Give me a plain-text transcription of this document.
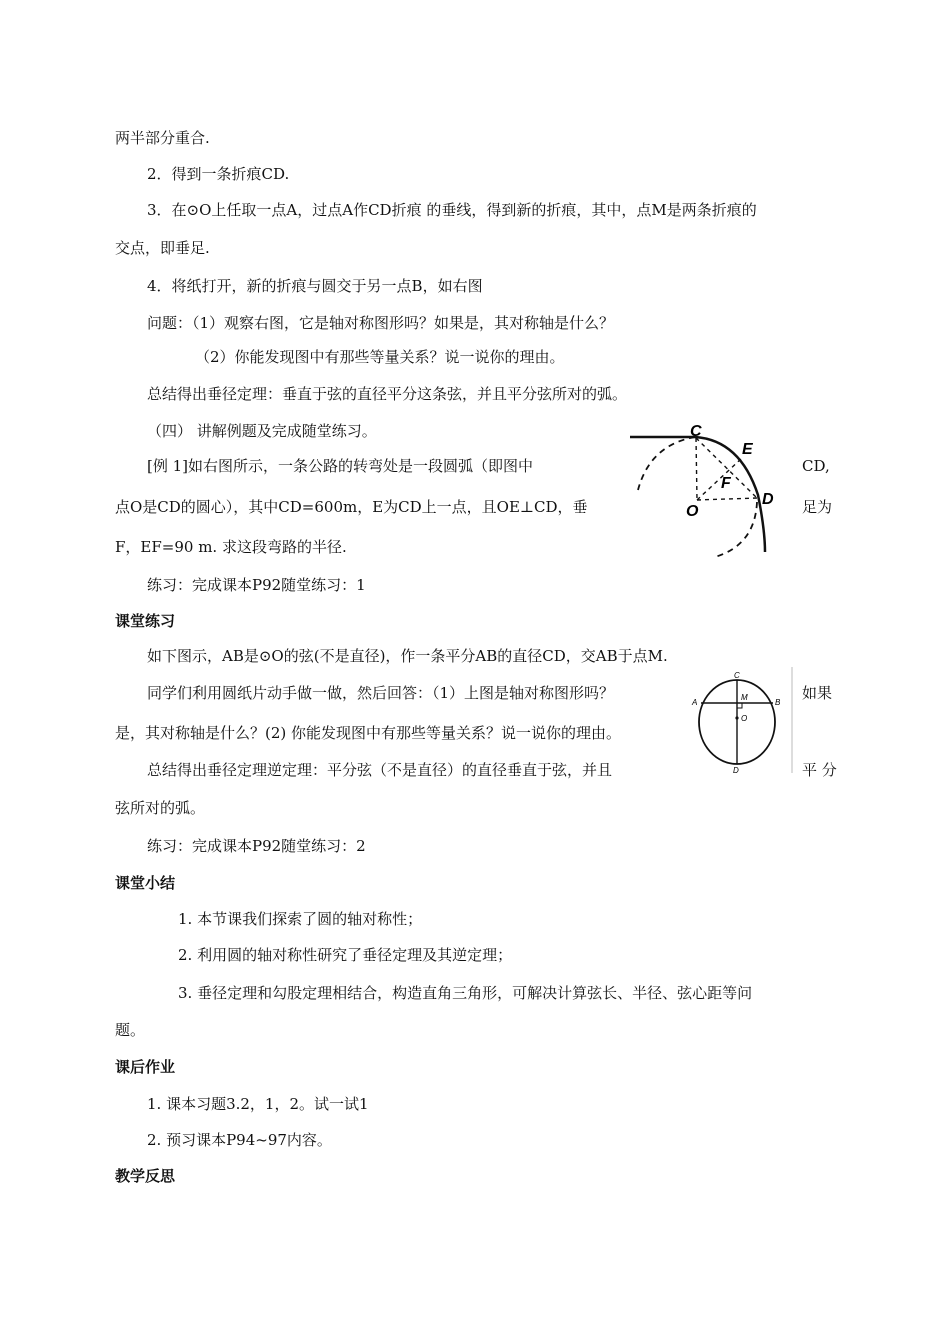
两半部分重合.
2．得到一条折痕CD.
3．在⊙O上任取一点A，过点A作CD折痕 的垂线，得到新的折痕，其中，点M是两条折痕的
交点，即垂足.
4．将纸打开，新的折痕与圆交于另一点B，如右图
问题：（1）观察右图，它是轴对称图形吗？如果是，其对称轴是什么？
（2）你能发现图中有那些等量关系？说一说你的理由。
总结得出垂径定理：垂直于弦的直径平分这条弦，并且平分弦所对的弧。
（四） 讲解例题及完成随堂练习。
[例 1]如右图所示，一条公路的转弯处是一段圆弧（即图中	CD,
点O是CD的圆心），其中CD=600m，E为CD上一点，且OE⊥CD，垂	足为
F，EF=90 m. 求这段弯路的半径.
练习：完成课本P92随堂练习：1
课堂练习
如下图示，AB是⊙O的弦(不是直径)，作一条平分AB的直径CD，交AB于点M.
同学们利用圆纸片动手做一做，然后回答：（1）上图是轴对称图形吗？	如果
是，其对称轴是什么？(2) 你能发现图中有那些等量关系？说一说你的理由。
总结得出垂径定理逆定理：平分弦（不是直径）的直径垂直于弦，并且	平 分
弦所对的弧。
练习：完成课本P92随堂练习：2
课堂小结
1. 本节课我们探索了圆的轴对称性；
2. 利用圆的轴对称性研究了垂径定理及其逆定理；
3. 垂径定理和勾股定理相结合，构造直角三角形，可解决计算弦长、半径、弦心距等问
题。
课后作业
1. 课本习题3.2，1，2。试一试1
2. 预习课本P94~97内容。
教学反思
C
E
F
D
O
C
A
M
B
O
D
